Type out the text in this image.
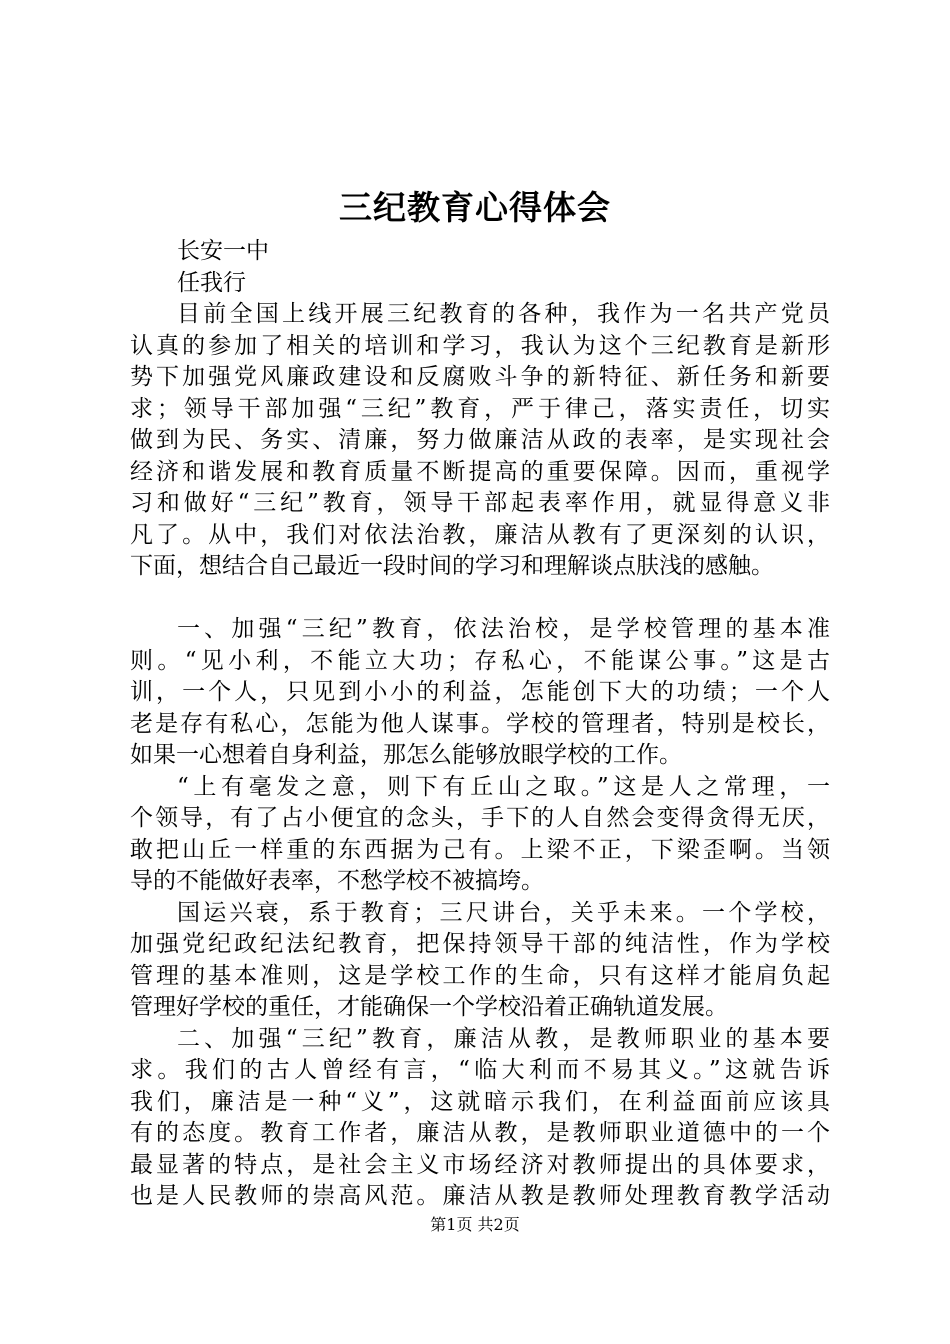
三纪教育心得体会
长安一中
任我行
目前全国上线开展三纪教育的各种，我作为一名共产党员
认真的参加了相关的培训和学习，我认为这个三纪教育是新形
势下加强党风廉政建设和反腐败斗争的新特征、新任务和新要
求；领导干部加强“三纪”教育，严于律己，落实责任，切实
做到为民、务实、清廉，努力做廉洁从政的表率，是实现社会
经济和谐发展和教育质量不断提高的重要保障。因而，重视学
习和做好“三纪”教育，领导干部起表率作用，就显得意义非
凡了。从中，我们对依法治教，廉洁从教有了更深刻的认识，
下面，想结合自己最近一段时间的学习和理解谈点肤浅的感触。
一、加强“三纪”教育，依法治校，是学校管理的基本准
则。“见小利，不能立大功；存私心，不能谋公事。”这是古
训，一个人，只见到小小的利益，怎能创下大的功绩；一个人
老是存有私心，怎能为他人谋事。学校的管理者，特别是校长，
如果一心想着自身利益，那怎么能够放眼学校的工作。
“上有毫发之意，则下有丘山之取。”这是人之常理，一
个领导，有了占小便宜的念头，手下的人自然会变得贪得无厌，
敢把山丘一样重的东西据为己有。上梁不正，下梁歪啊。当领
导的不能做好表率，不愁学校不被搞垮。
国运兴衰，系于教育；三尺讲台，关乎未来。一个学校，
加强党纪政纪法纪教育，把保持领导干部的纯洁性，作为学校
管理的基本准则，这是学校工作的生命，只有这样才能肩负起
管理好学校的重任，才能确保一个学校沿着正确轨道发展。
二、加强“三纪”教育，廉洁从教，是教师职业的基本要
求。我们的古人曾经有言，“临大利而不易其义。”这就告诉
我们，廉洁是一种“义”，这就暗示我们，在利益面前应该具
有的态度。教育工作者，廉洁从教，是教师职业道德中的一个
最显著的特点，是社会主义市场经济对教师提出的具体要求，
也是人民教师的崇高风范。廉洁从教是教师处理教育教学活动
第1页 共2页
